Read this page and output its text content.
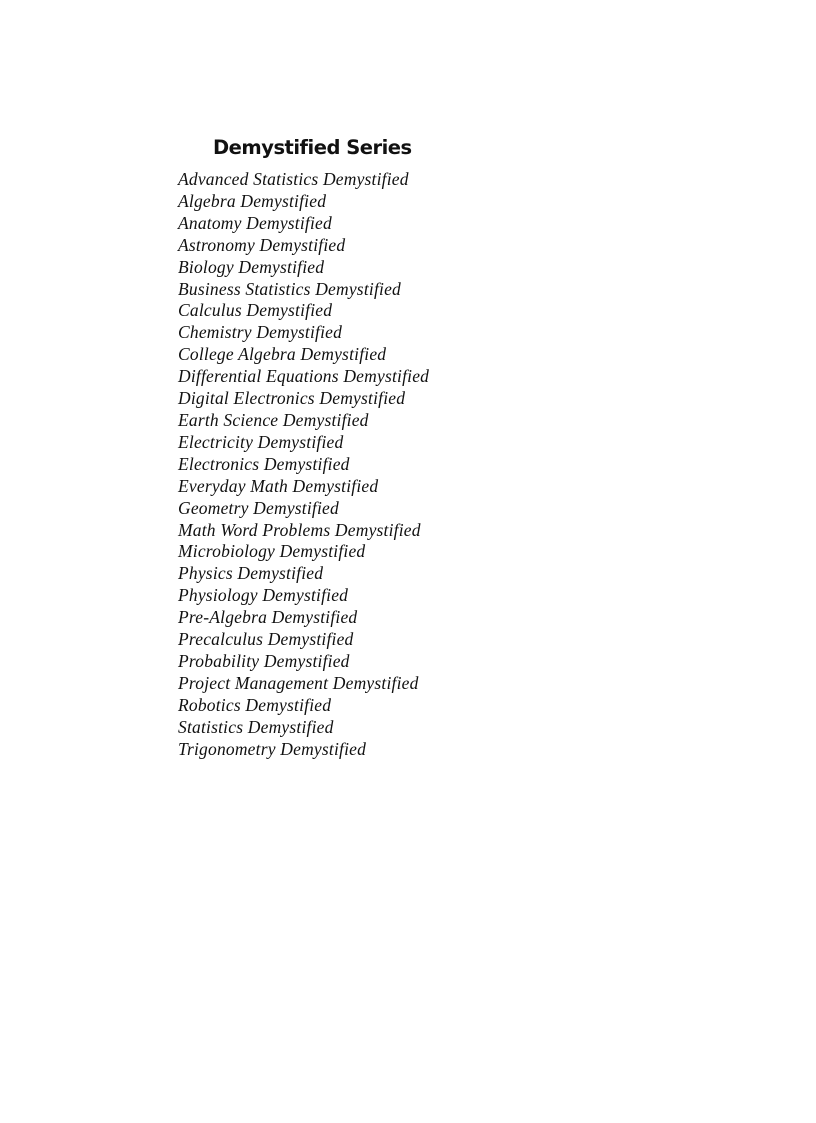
Demystified Series
Advanced Statistics Demystified
Algebra Demystified
Anatomy Demystified
Astronomy Demystified
Biology Demystified
Business Statistics Demystified
Calculus Demystified
Chemistry Demystified
College Algebra Demystified
Differential Equations Demystified
Digital Electronics Demystified
Earth Science Demystified
Electricity Demystified
Electronics Demystified
Everyday Math Demystified
Geometry Demystified
Math Word Problems Demystified
Microbiology Demystified
Physics Demystified
Physiology Demystified
Pre-Algebra Demystified
Precalculus Demystified
Probability Demystified
Project Management Demystified
Robotics Demystified
Statistics Demystified
Trigonometry Demystified
